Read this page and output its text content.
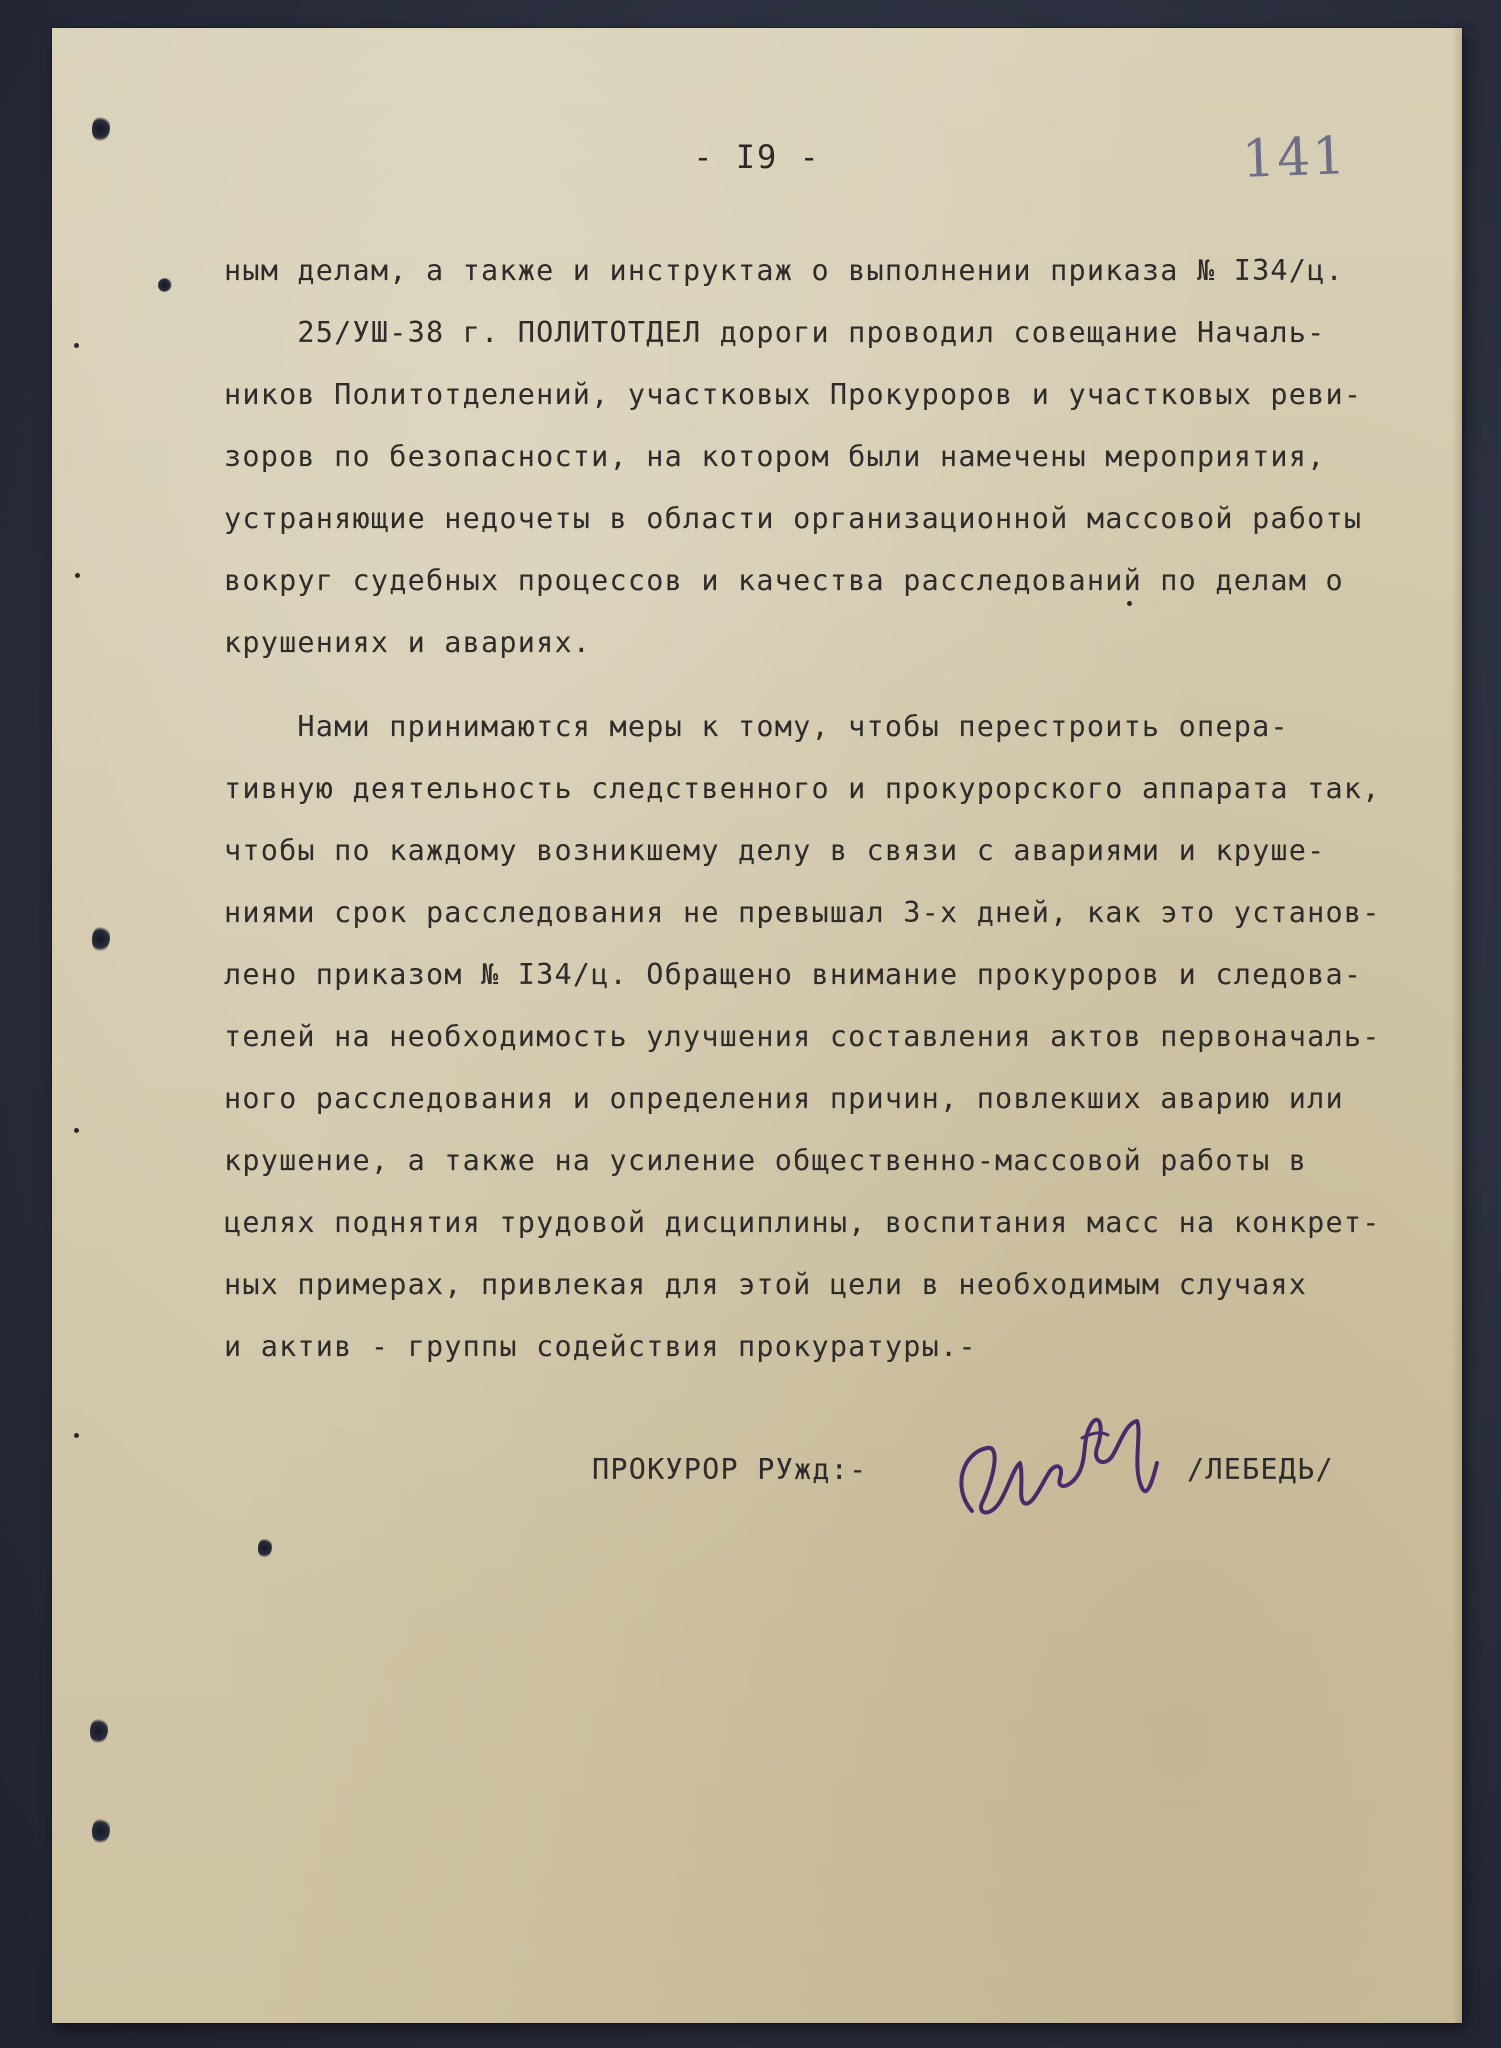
- I9 -	141
ным делам, а также и инструктаж о выполнении приказа № I34/ц.
25/УШ-38 г. ПОЛИТОТДЕЛ дороги проводил совещание Началь-
ников Политотделений, участковых Прокуроров и участковых реви-
зоров по безопасности, на котором были намечены мероприятия,
устраняющие недочеты в области организационной массовой работы
вокруг судебных процессов и качества расследований по делам о
крушениях и авариях.
Нами принимаются меры к тому, чтобы перестроить опера-
тивную деятельность следственного и прокурорского аппарата так,
чтобы по каждому возникшему делу в связи с авариями и круше-
ниями срок расследования не превышал 3-х дней, как это установ-
лено приказом № I34/ц. Обращено внимание прокуроров и следова-
телей на необходимость улучшения составления актов первоначаль-
ного расследования и определения причин, повлекших аварию или
крушение, а также на усиление общественно-массовой работы в
целях поднятия трудовой дисциплины, воспитания масс на конкрет-
ных примерах, привлекая для этой цели в необходимым случаях
и актив - группы содействия прокуратуры.-
ПРОКУРОР РУжд:-	/ЛЕБЕДЬ/
